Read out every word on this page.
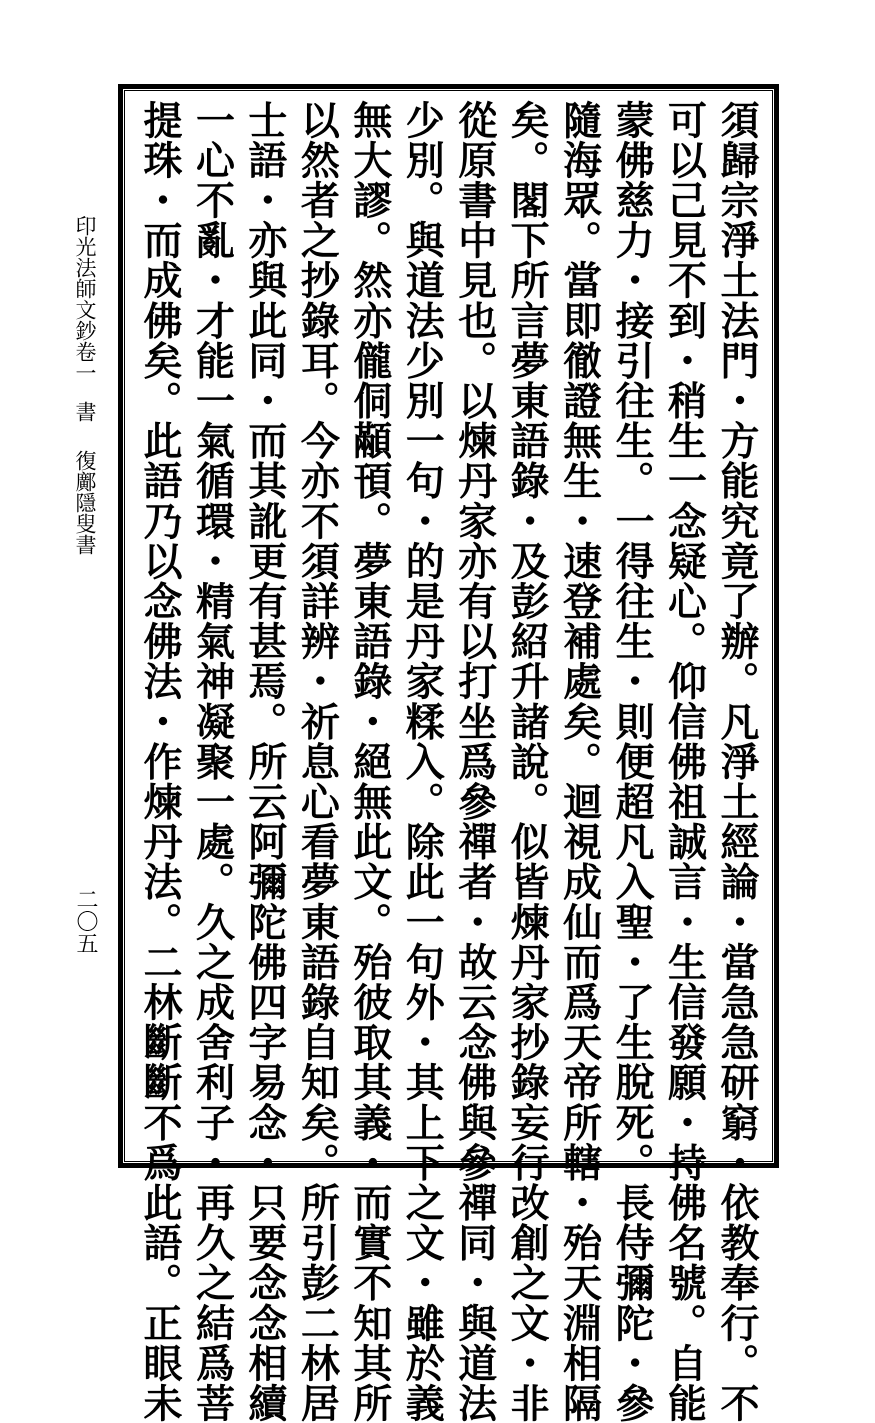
須歸宗淨土法門・方能究竟了辦。凡淨土經論・當急急研窮・依教奉行。不
可以己見不到・稍生一念疑心。仰信佛祖誠言・生信發願・持佛名號。自能
蒙佛慈力・接引往生。一得往生・則便超凡入聖・了生脫死。長侍彌陀・參
隨海眾。當即徹證無生・速登補處矣。迴視成仙而爲天帝所轄・殆天淵相隔
矣。閣下所言夢東語錄・及彭紹升諸說。似皆煉丹家抄錄妄行改創之文・非
從原書中見也。以煉丹家亦有以打坐爲參禪者・故云念佛與參禪同・與道法
少別。與道法少別一句・的是丹家糅入。除此一句外・其上下之文・雖於義
無大謬。然亦儱侗顢頇。夢東語錄・絕無此文。殆彼取其義・而實不知其所
以然者之抄錄耳。今亦不須詳辨・祈息心看夢東語錄自知矣。所引彭二林居
士語・亦與此同・而其訛更有甚焉。所云阿彌陀佛四字易念・只要念念相續
一心不亂・才能一氣循環・精氣神凝聚一處。久之成舍利子・再久之結爲菩
提珠・而成佛矣。此語乃以念佛法・作煉丹法。二林斷斷不爲此語。正眼未
印光法師文鈔卷一書復鄺隱叟書
二〇五
